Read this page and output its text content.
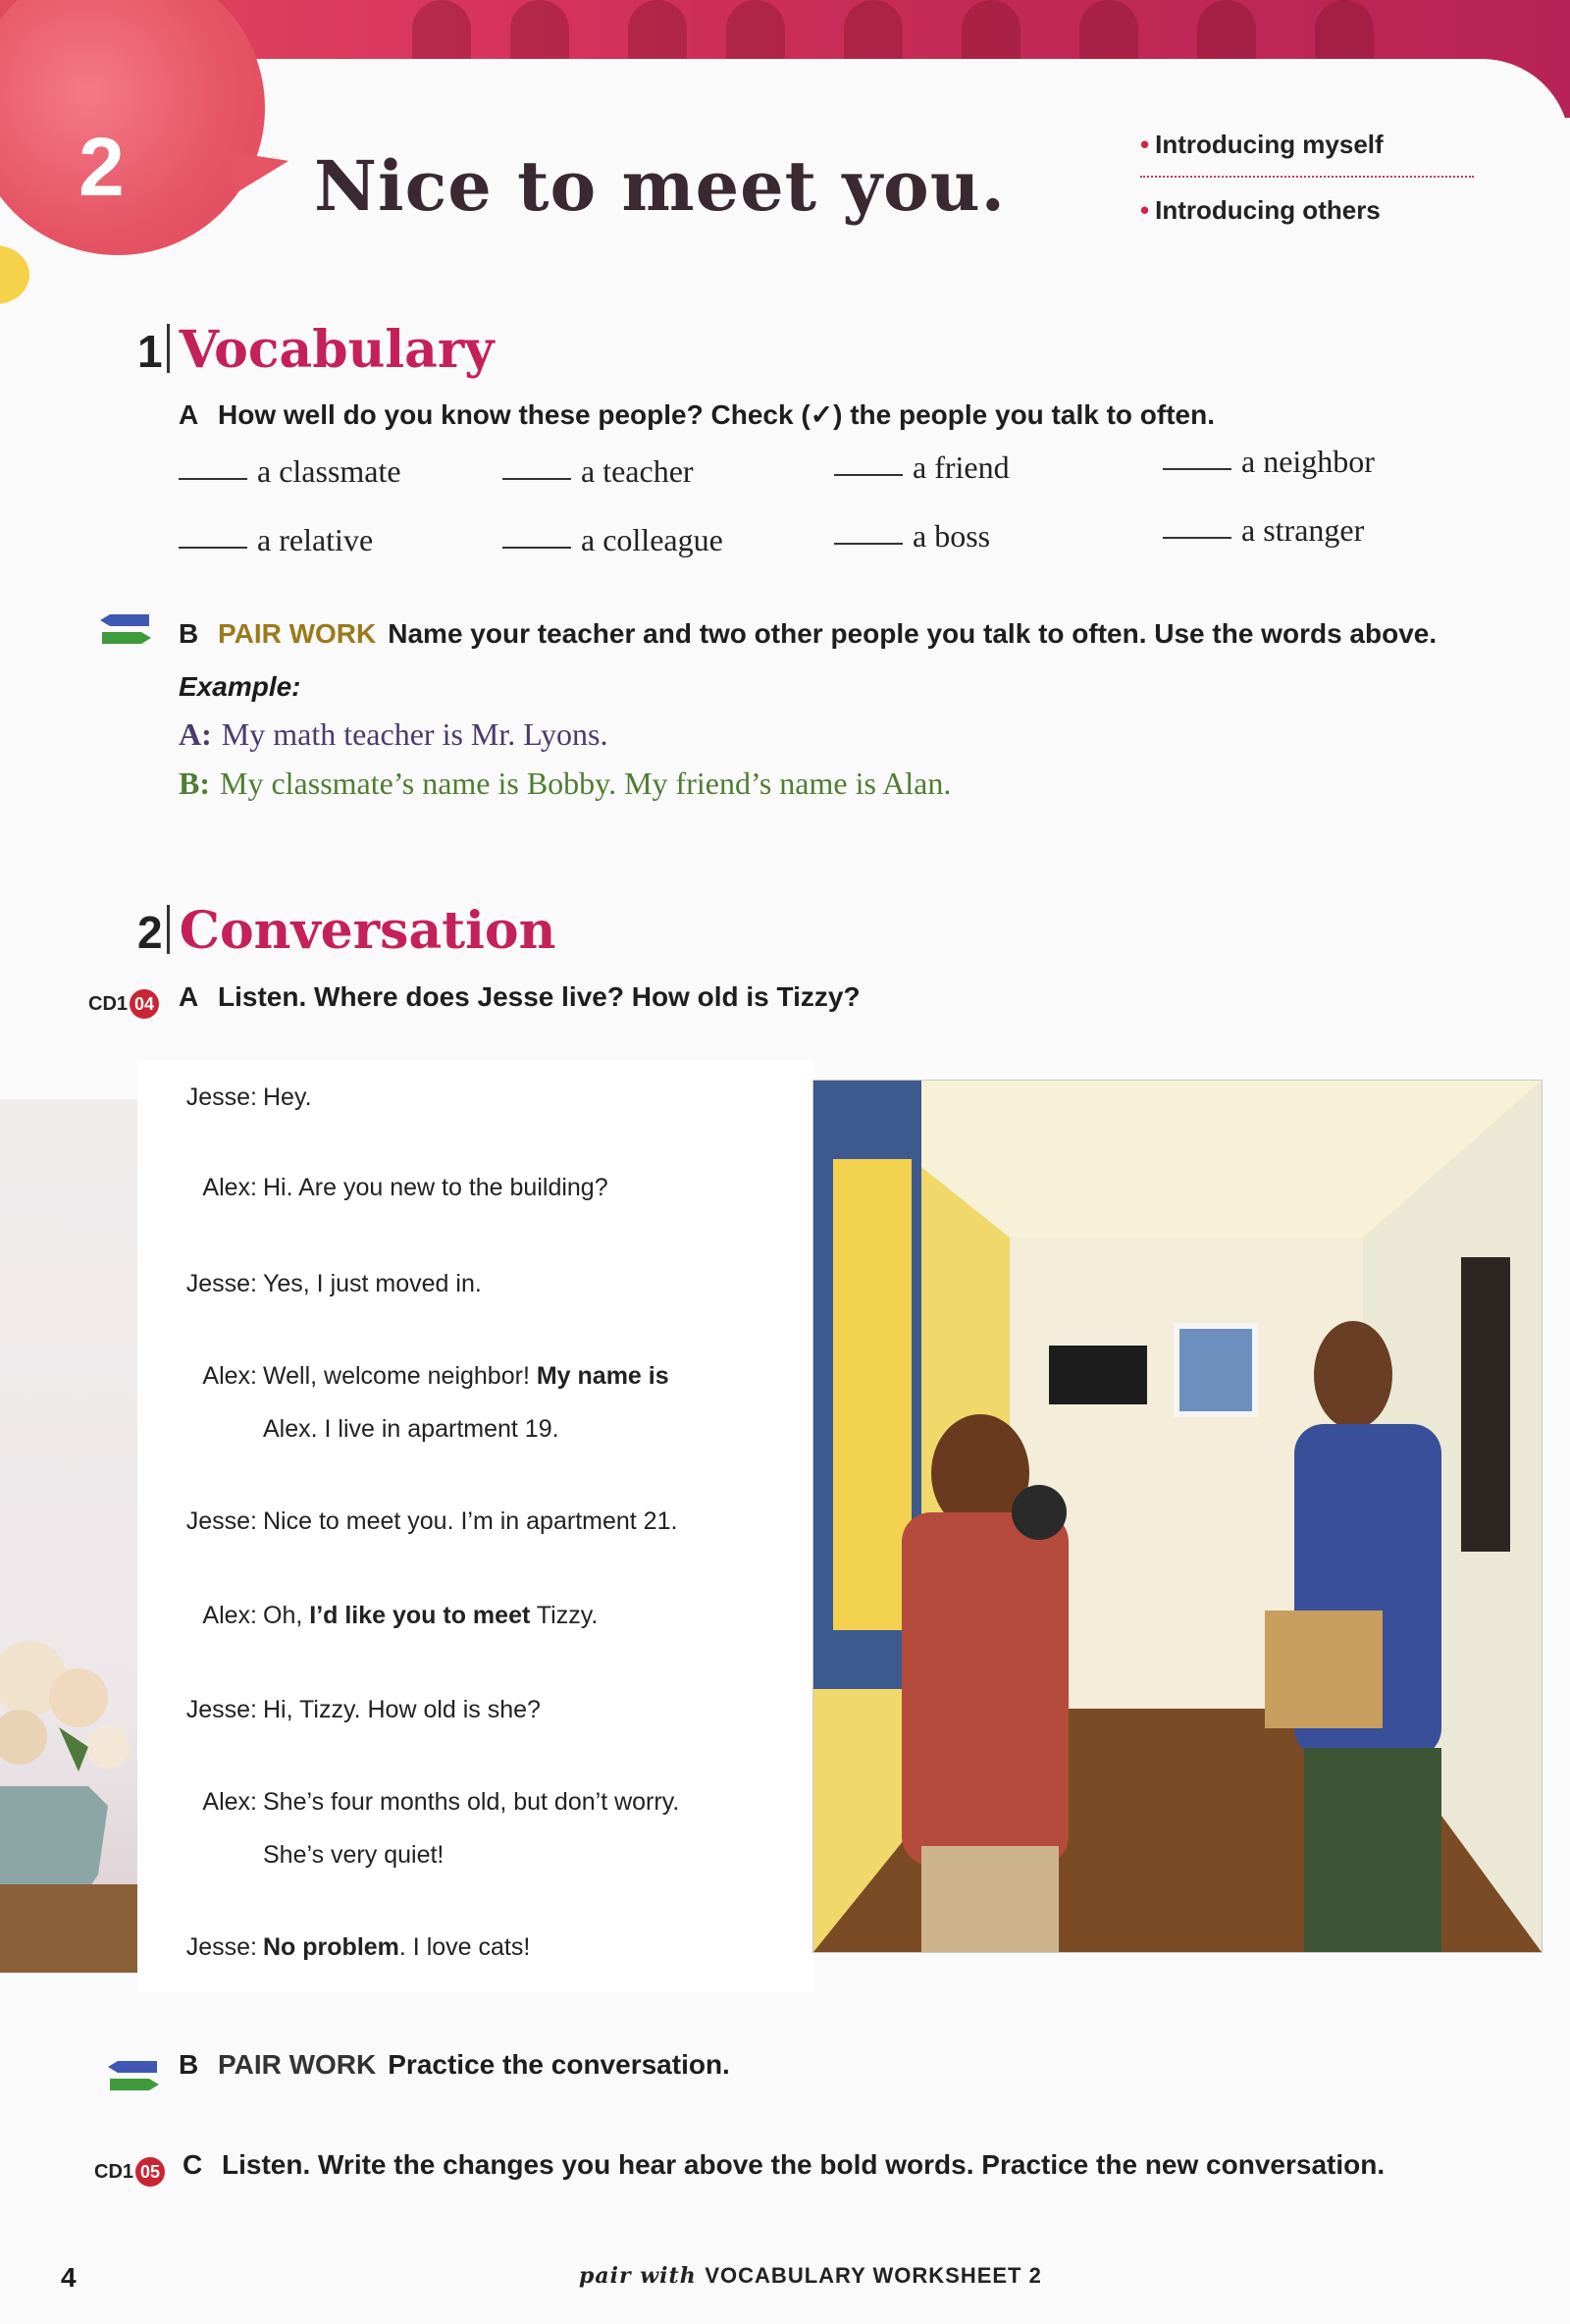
2	Nice to meet you.
• Introducing myself
• Introducing others
1 Vocabulary
A How well do you know these people? Check (✓) the people you talk to often.
a classmate	a teacher	a friend	a neighbor
a relative	a colleague	a boss	a stranger
B PAIR WORK Name your teacher and two other people you talk to often. Use the words above.
Example:
A: My math teacher is Mr. Lyons.
B: My classmate’s name is Bobby. My friend’s name is Alan.
2 Conversation
CD1 04 A Listen. Where does Jesse live? How old is Tizzy?
Jesse: Hey.
Alex: Hi. Are you new to the building?
Jesse: Yes, I just moved in.
Alex: Well, welcome neighbor! My name is
Alex. I live in apartment 19.
Jesse: Nice to meet you. I’m in apartment 21.
Alex: Oh, I’d like you to meet Tizzy.
Jesse: Hi, Tizzy. How old is she?
Alex: She’s four months old, but don’t worry.
She’s very quiet!
Jesse: No problem. I love cats!
B PAIR WORK Practice the conversation.
CD1 05 C Listen. Write the changes you hear above the bold words. Practice the new conversation.
4	pair with VOCABULARY WORKSHEET 2
